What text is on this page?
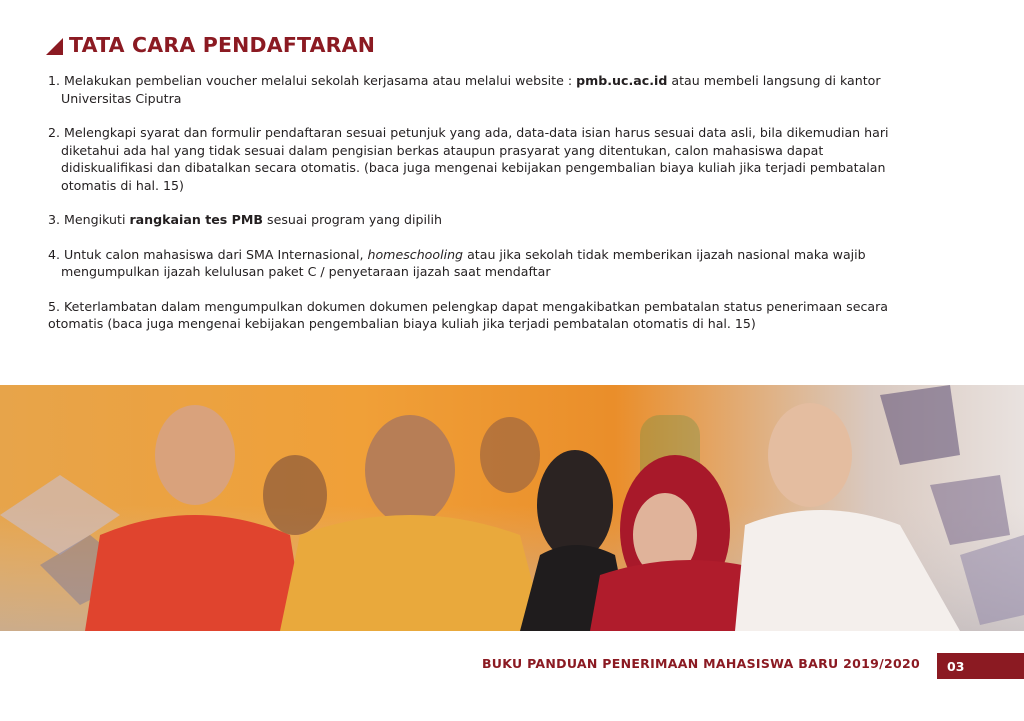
TATA CARA PENDAFTARAN
1. Melakukan pembelian voucher melalui sekolah kerjasama atau melalui website : pmb.uc.ac.id atau membeli langsung di kantor
Universitas Ciputra
2. Melengkapi syarat dan formulir pendaftaran sesuai petunjuk yang ada, data-data isian harus sesuai data asli, bila dikemudian hari
diketahui ada hal yang tidak sesuai dalam pengisian berkas ataupun prasyarat yang ditentukan, calon mahasiswa dapat
didiskualifikasi dan dibatalkan secara otomatis. (baca juga mengenai kebijakan pengembalian biaya kuliah jika terjadi pembatalan
otomatis di hal. 15)
3. Mengikuti rangkaian tes PMB sesuai program yang dipilih
4. Untuk calon mahasiswa dari SMA Internasional, homeschooling atau jika sekolah tidak memberikan ijazah nasional maka wajib
mengumpulkan ijazah kelulusan paket C / penyetaraan ijazah saat mendaftar
5. Keterlambatan dalam mengumpulkan dokumen dokumen pelengkap dapat mengakibatkan pembatalan status penerimaan secara
otomatis (baca juga mengenai kebijakan pengembalian biaya kuliah jika terjadi pembatalan otomatis di hal. 15)
BUKU PANDUAN PENERIMAAN MAHASISWA BARU 2019/2020 03
